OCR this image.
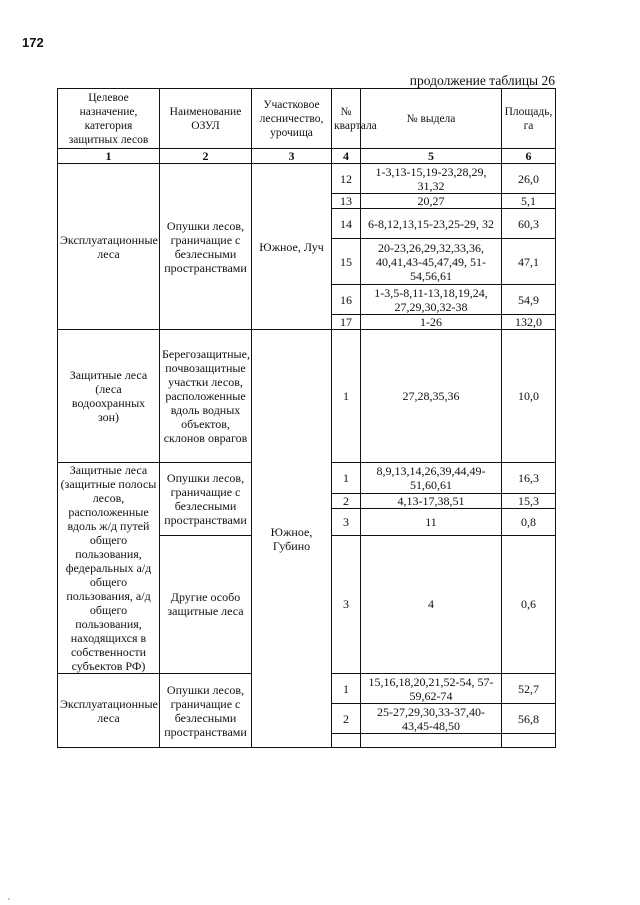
172
продолжение таблицы 26
Целевое назначение, категория защитных лесов	Наименование ОЗУЛ	Участковое лесничество, урочища	№ квартала	№ выдела	Площадь, га
1	2	3	4	5	6
Эксплуатационные леса	Опушки лесов, граничащие с безлесными пространствами	Южное, Луч	12	1-3,13-15,19-23,28,29, 31,32	26,0
			13	20,27	5,1
			14	6-8,12,13,15-23,25-29, 32	60,3
			15	20-23,26,29,32,33,36, 40,41,43-45,47,49, 51-54,56,61	47,1
			16	1-3,5-8,11-13,18,19,24, 27,29,30,32-38	54,9
			17	1-26	132,0
Защитные леса (леса водоохранных зон)	Берегозащитные, почвозащитные участки лесов, расположенные вдоль водных объектов, склонов оврагов	Южное, Губино	1	27,28,35,36	10,0
Защитные леса (защитные полосы лесов, расположенные вдоль ж/д путей общего пользования, федеральных а/д общего пользования, а/д общего пользования, находящихся в собственности субъектов РФ)	Опушки лесов, граничащие с безлесными пространствами		1	8,9,13,14,26,39,44,49- 51,60,61	16,3
			2	4,13-17,38,51	15,3
			3	11	0,8
	Другие особо защитные леса		3	4	0,6
Эксплуатационные леса	Опушки лесов, граничащие с безлесными пространствами		1	15,16,18,20,21,52-54, 57-59,62-74	52,7
			2	25-27,29,30,33-37,40- 43,45-48,50	56,8

,
